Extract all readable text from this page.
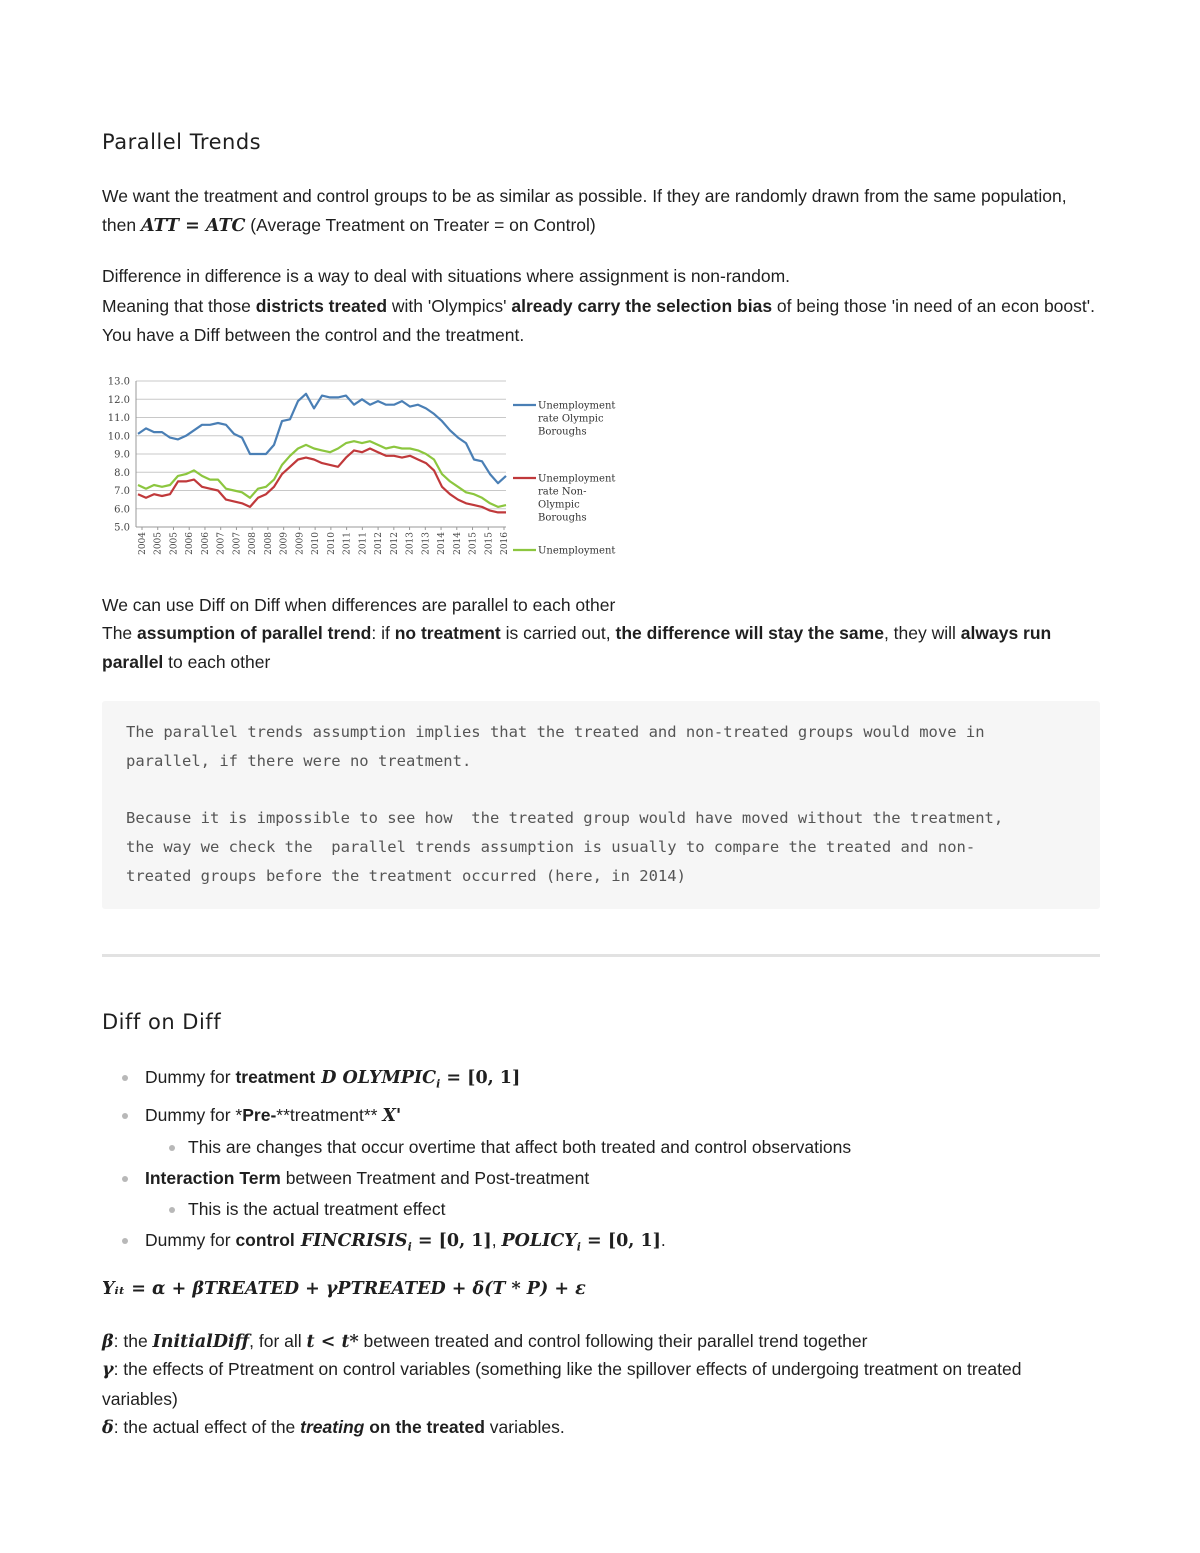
Parallel Trends

We want the treatment and control groups to be as similar as possible. If they are randomly drawn from the same population, then ATT = ATC (Average Treatment on Treater = on Control)

Difference in difference is a way to deal with situations where assignment is non-random.

Meaning that those districts treated with 'Olympics' already carry the selection bias of being those 'in need of an econ boost'. You have a Diff between the control and the treatment.

13.0
12.0
11.0
10.0
9.0
8.0
7.0
6.0
5.0
2004 2005 2005 2006 2006 2007 2007 2008 2008 2009 2009 2010 2010 2011 2011 2012 2012 2013 2013 2014 2014 2015 2015 2016
Unemployment
rate Olympic
Boroughs
Unemployment
rate Non-
Olympic
Boroughs
Unemployment

We can use Diff on Diff when differences are parallel to each other

The assumption of parallel trend: if no treatment is carried out, the difference will stay the same, they will always run parallel to each other

The parallel trends assumption implies that the treated and non-treated groups would move in
parallel, if there were no treatment.

Because it is impossible to see how  the treated group would have moved without the treatment,
the way we check the  parallel trends assumption is usually to compare the treated and non-
treated groups before the treatment occurred (here, in 2014)
Diff on Diff
Dummy for treatment D $OLYMPIC_i = [0$, 1]
Dummy for *Pre-**treatment** X'
This are changes that occur overtime that affect both treated and control observations
Interaction Term between Treatment and Post-treatment
This is the actual treatment effect
Dummy for control $FINCRISIS_i = [0$, 1], $POLICY_i = [0$, 1].

Yᵢₜ = α + βTREATED + γPTREATED + δ(T * P) + ε

β: the InitialDiff, for all t < t* between treated and control following their parallel trend together

γ: the effects of Ptreatment on control variables (something like the spillover effects of undergoing treatment on treated variables)

δ: the actual effect of the treating on the treated variables.
